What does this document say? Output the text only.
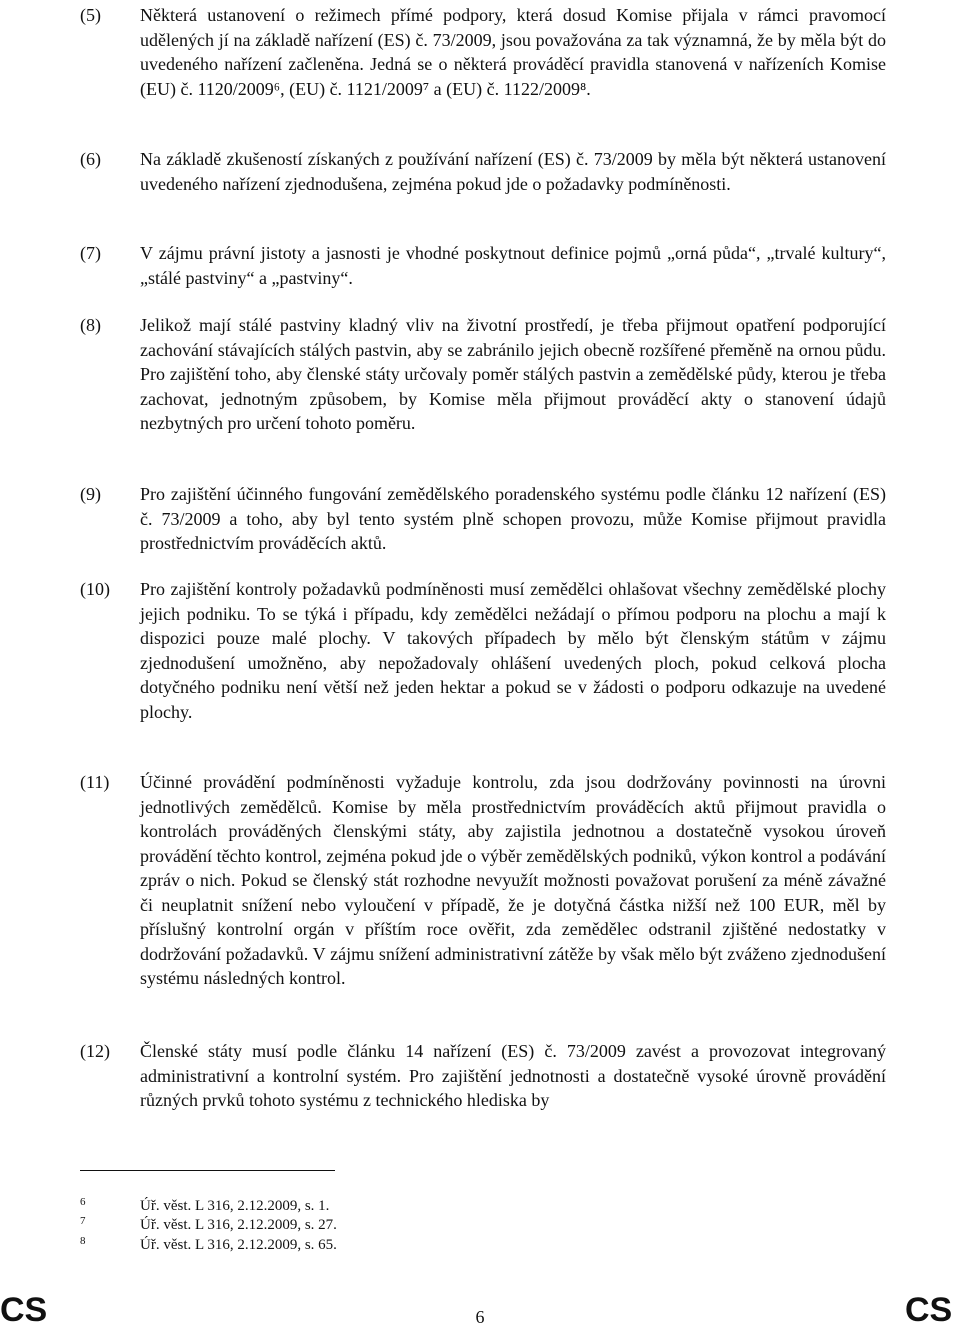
(5) Některá ustanovení o režimech přímé podpory, která dosud Komise přijala v rámci pravomocí udělených jí na základě nařízení (ES) č. 73/2009, jsou považována za tak významná, že by měla být do uvedeného nařízení začleněna. Jedná se o některá prováděcí pravidla stanovená v nařízeních Komise (EU) č. 1120/2009⁶, (EU) č. 1121/2009⁷ a (EU) č. 1122/2009⁸.
(6) Na základě zkušeností získaných z používání nařízení (ES) č. 73/2009 by měla být některá ustanovení uvedeného nařízení zjednodušena, zejména pokud jde o požadavky podmíněnosti.
(7) V zájmu právní jistoty a jasnosti je vhodné poskytnout definice pojmů „orná půda“, „trvalé kultury“, „stálé pastviny“ a „pastviny“.
(8) Jelikož mají stálé pastviny kladný vliv na životní prostředí, je třeba přijmout opatření podporující zachování stávajících stálých pastvin, aby se zabránilo jejich obecně rozšířené přeměně na ornou půdu. Pro zajištění toho, aby členské státy určovaly poměr stálých pastvin a zemědělské půdy, kterou je třeba zachovat, jednotným způsobem, by Komise měla přijmout prováděcí akty o stanovení údajů nezbytných pro určení tohoto poměru.
(9) Pro zajištění účinného fungování zemědělského poradenského systému podle článku 12 nařízení (ES) č. 73/2009 a toho, aby byl tento systém plně schopen provozu, může Komise přijmout pravidla prostřednictvím prováděcích aktů.
(10) Pro zajištění kontroly požadavků podmíněnosti musí zemědělci ohlašovat všechny zemědělské plochy jejich podniku. To se týká i případu, kdy zemědělci nežádají o přímou podporu na plochu a mají k dispozici pouze malé plochy. V takových případech by mělo být členským státům v zájmu zjednodušení umožněno, aby nepožadovaly ohlášení uvedených ploch, pokud celková plocha dotyčného podniku není větší než jeden hektar a pokud se v žádosti o podporu odkazuje na uvedené plochy.
(11) Účinné provádění podmíněnosti vyžaduje kontrolu, zda jsou dodržovány povinnosti na úrovni jednotlivých zemědělců. Komise by měla prostřednictvím prováděcích aktů přijmout pravidla o kontrolách prováděných členskými státy, aby zajistila jednotnou a dostatečně vysokou úroveň provádění těchto kontrol, zejména pokud jde o výběr zemědělských podniků, výkon kontrol a podávání zpráv o nich. Pokud se členský stát rozhodne nevyužít možnosti považovat porušení za méně závažné či neuplatnit snížení nebo vyloučení v případě, že je dotyčná částka nižší než 100 EUR, měl by příslušný kontrolní orgán v příštím roce ověřit, zda zemědělec odstranil zjištěné nedostatky v dodržování požadavků. V zájmu snížení administrativní zátěže by však mělo být zváženo zjednodušení systému následných kontrol.
(12) Členské státy musí podle článku 14 nařízení (ES) č. 73/2009 zavést a provozovat integrovaný administrativní a kontrolní systém. Pro zajištění jednotnosti a dostatečně vysoké úrovně provádění různých prvků tohoto systému z technického hlediska by
6	Úř. věst. L 316, 2.12.2009, s. 1.
7	Úř. věst. L 316, 2.12.2009, s. 27.
8	Úř. věst. L 316, 2.12.2009, s. 65.
CS	6	CS
